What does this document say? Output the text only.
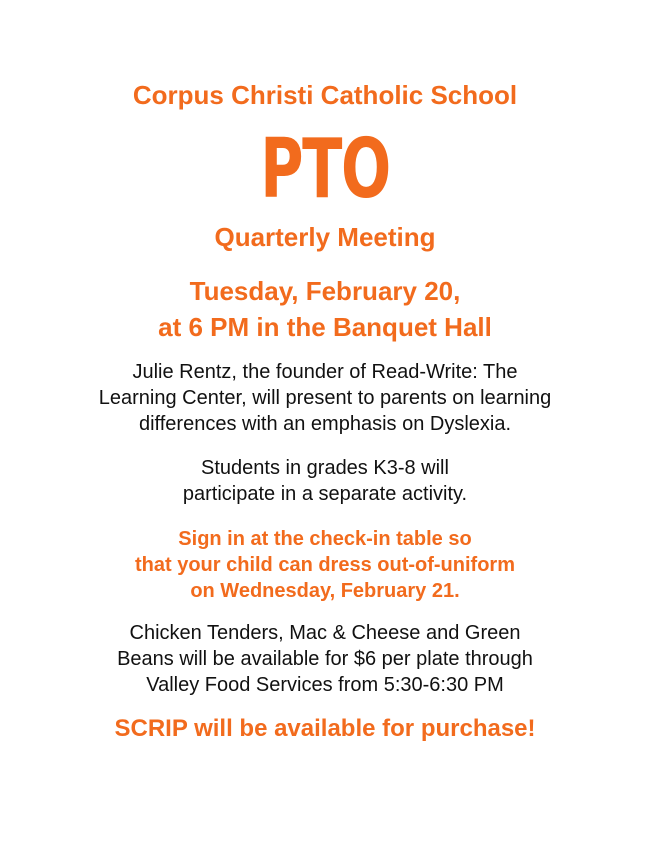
Corpus Christi Catholic School

PTO

Quarterly Meeting

Tuesday, February 20,

at 6 PM in the Banquet Hall

Julie Rentz, the founder of Read-Write: The

Learning Center, will present to parents on learning

differences with an emphasis on Dyslexia.

Students in grades K3-8 will

participate in a separate activity.

Sign in at the check-in table so

that your child can dress out-of-uniform

on Wednesday, February 21.

Chicken Tenders, Mac & Cheese and Green

Beans will be available for $6 per plate through

Valley Food Services from 5:30-6:30 PM

SCRIP will be available for purchase!
